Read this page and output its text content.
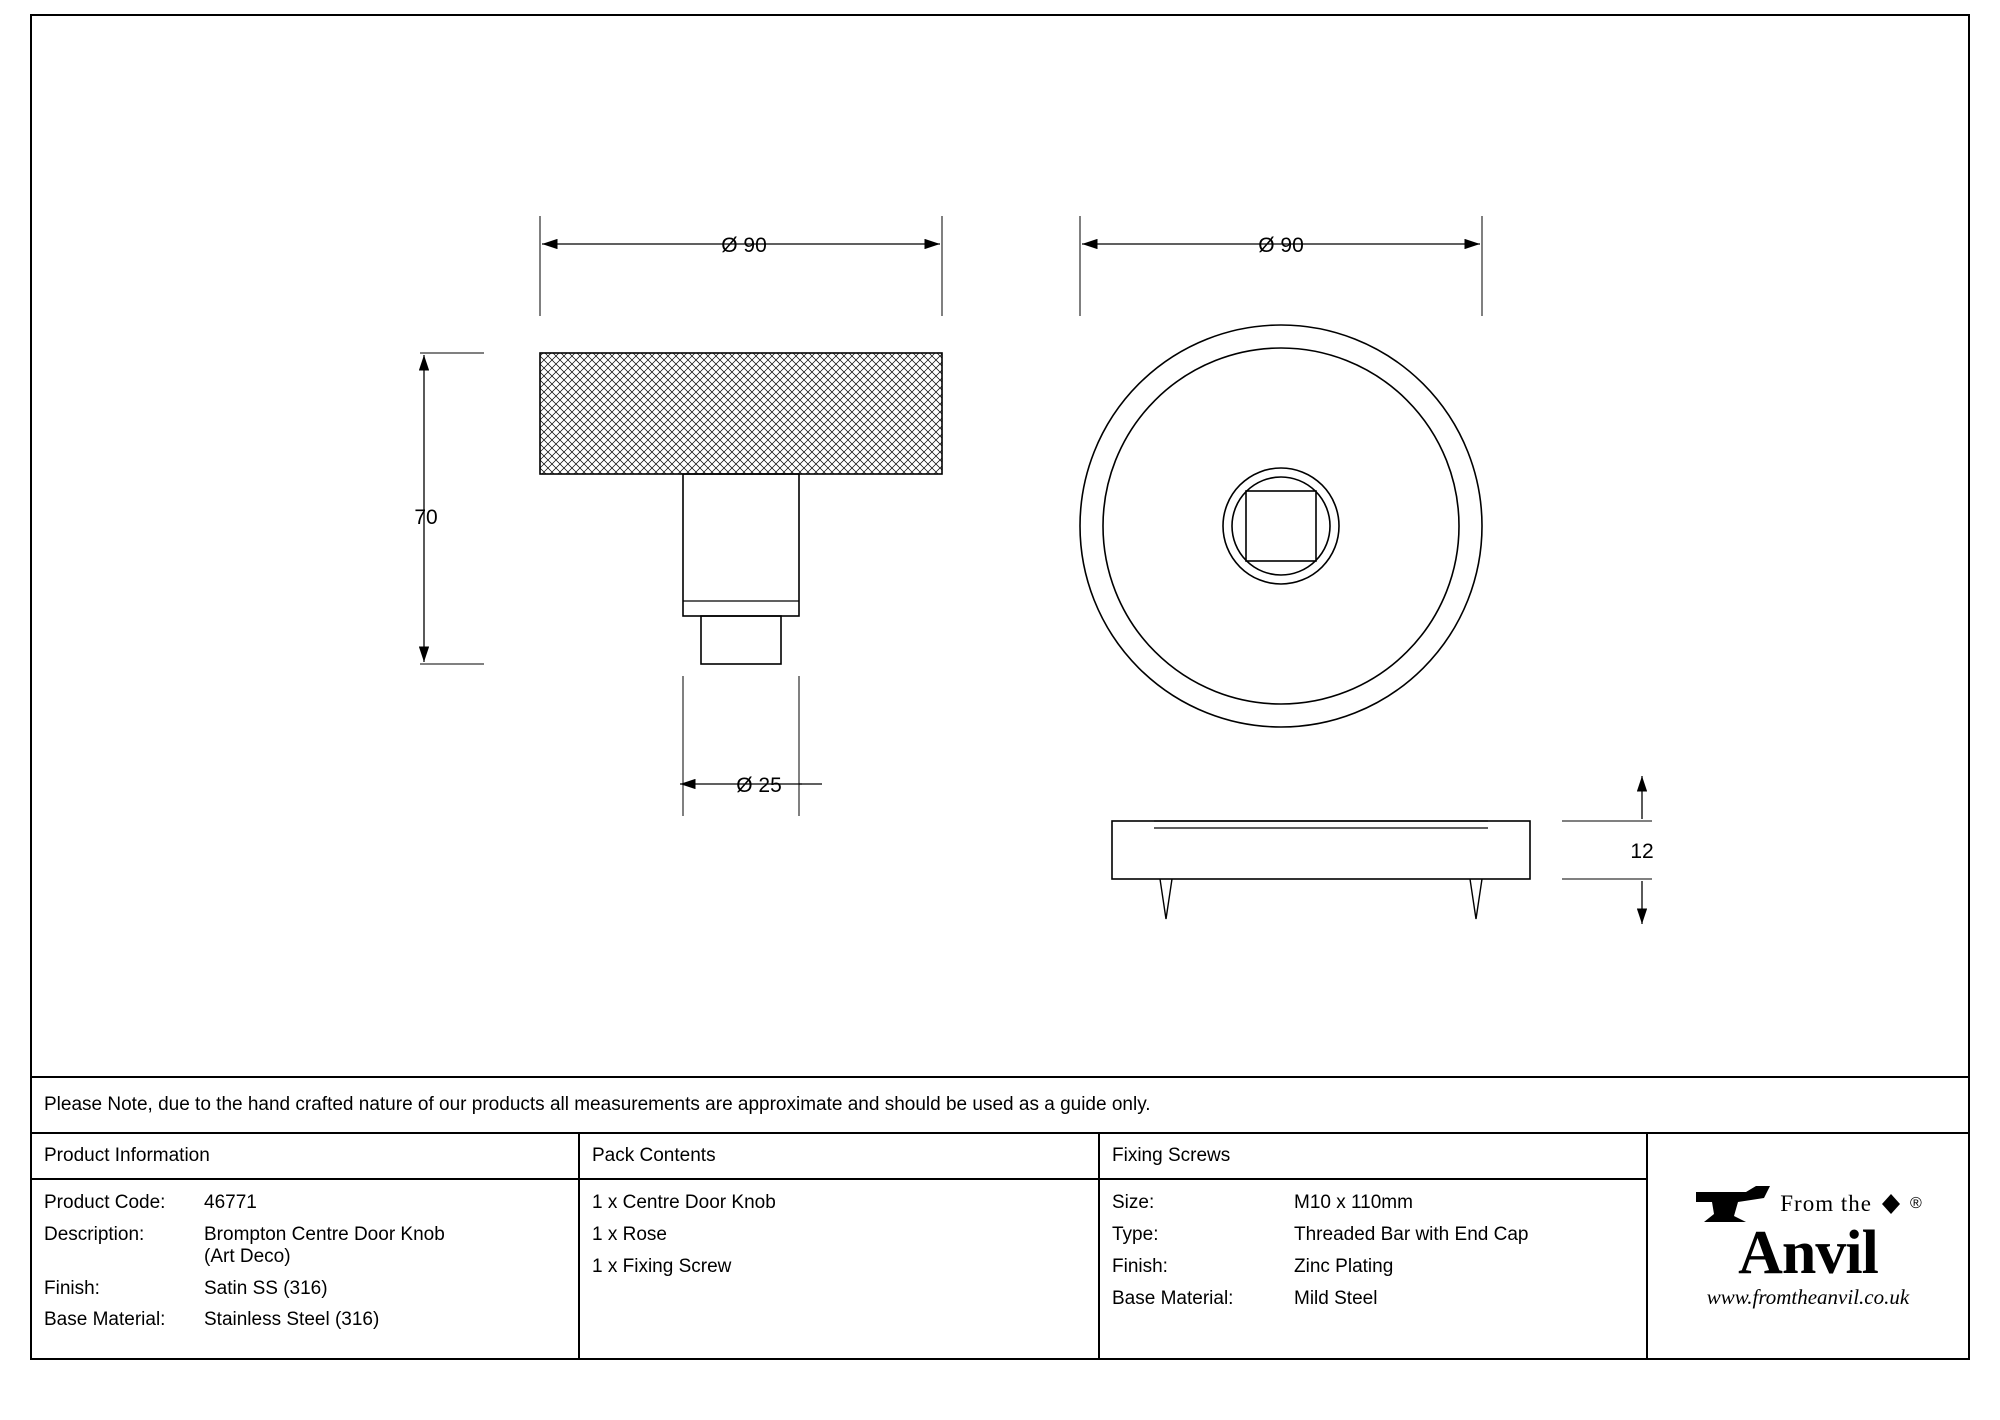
Ø 90	Ø 90
70
Ø 25
12
Please Note, due to the hand crafted nature of our products all measurements are approximate and should be used as a guide only.
Product Information
Product Code:	46771
Description:	Brompton Centre Door Knob
(Art Deco)
Finish:	Satin SS (316)
Base Material:	Stainless Steel (316)
Pack Contents
1 x Centre Door Knob
1 x Rose
1 x Fixing Screw
Fixing Screws
Size:	M10 x 110mm
Type:	Threaded Bar with End Cap
Finish:	Zinc Plating
Base Material:	Mild Steel
From the ®
Anvil
www.fromtheanvil.co.uk
